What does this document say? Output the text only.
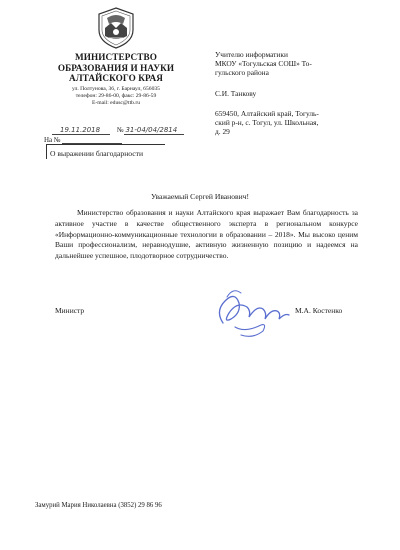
МИНИСТЕРСТВО
ОБРАЗОВАНИЯ И НАУКИ
АЛТАЙСКОГО КРАЯ
ул. Полтунова, 36, г. Барнаул, 656035
телефон: 29-86-00, факс: 29-86-59
E-mail: edusc@ttb.ru
19.11.2018 № 31-04/04/2814
На №
О выражении благодарности
Учителю информатики
МКОУ «Тогульская СОШ» То-
гульского района
С.И. Танкову
659450, Алтайский край, Тогуль-
ский р-н, с. Тогул, ул. Школьная,
д. 29
Уважаемый Сергей Иванович!
Министерство образования и науки Алтайского края выражает Вам благодарность за активное участие в качестве общественного эксперта в региональном конкурсе «Информационно-коммуникационные технологии в образовании – 2018». Мы высоко ценим Ваши профессионализм, неравнодушие, активную жизненную позицию и надеемся на дальнейшее успешное, плодотворное сотрудничество.
Министр	М.А. Костенко
Замурий Мария Николаевна (3852) 29 86 96
